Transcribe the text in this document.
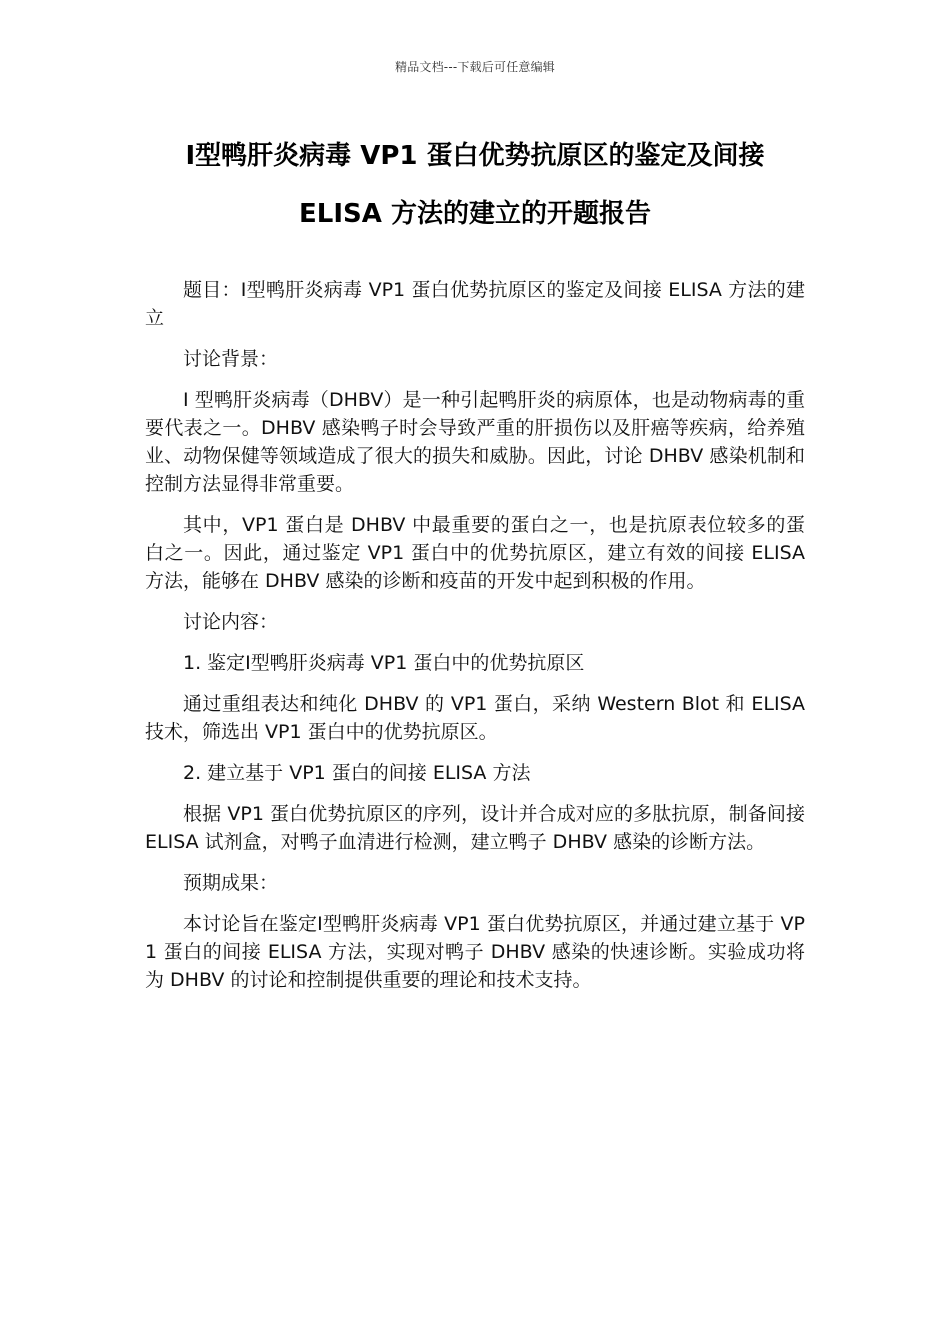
精品文档---下载后可任意编辑
Ⅰ型鸭肝炎病毒 VP1 蛋白优势抗原区的鉴定及间接
ELISA 方法的建立的开题报告

题目：Ⅰ型鸭肝炎病毒 VP1 蛋白优势抗原区的鉴定及间接 ELISA 方法的建立

讨论背景：

I 型鸭肝炎病毒（DHBV）是一种引起鸭肝炎的病原体，也是动物病毒的重要代表之一。DHBV 感染鸭子时会导致严重的肝损伤以及肝癌等疾病，给养殖业、动物保健等领域造成了很大的损失和威胁。因此，讨论 DHBV 感染机制和控制方法显得非常重要。

其中，VP1 蛋白是 DHBV 中最重要的蛋白之一，也是抗原表位较多的蛋白之一。因此，通过鉴定 VP1 蛋白中的优势抗原区，建立有效的间接 ELISA 方法，能够在 DHBV 感染的诊断和疫苗的开发中起到积极的作用。

讨论内容：

1. 鉴定Ⅰ型鸭肝炎病毒 VP1 蛋白中的优势抗原区

通过重组表达和纯化 DHBV 的 VP1 蛋白，采纳 Western Blot 和 ELISA 技术，筛选出 VP1 蛋白中的优势抗原区。

2. 建立基于 VP1 蛋白的间接 ELISA 方法

根据 VP1 蛋白优势抗原区的序列，设计并合成对应的多肽抗原，制备间接 ELISA 试剂盒，对鸭子血清进行检测，建立鸭子 DHBV 感染的诊断方法。

预期成果：

本讨论旨在鉴定Ⅰ型鸭肝炎病毒 VP1 蛋白优势抗原区，并通过建立基于 VP1 蛋白的间接 ELISA 方法，实现对鸭子 DHBV 感染的快速诊断。实验成功将为 DHBV 的讨论和控制提供重要的理论和技术支持。
